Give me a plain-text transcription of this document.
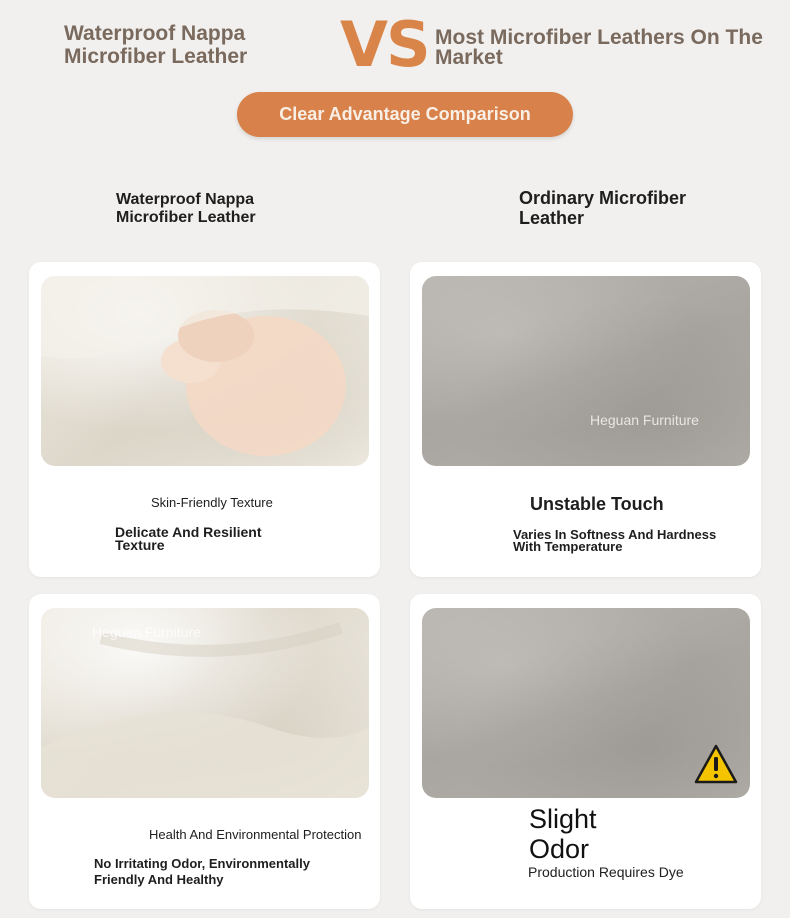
Waterproof Nappa Microfiber Leather	VS Most Microfiber Leathers On The Market
Clear Advantage Comparison
Waterproof Nappa Microfiber Leather
Ordinary Microfiber Leather
Skin-Friendly Texture
Delicate And Resilient Texture
Heguan Furniture
Unstable Touch
Varies In Softness And Hardness With Temperature
Heguan Furniture
Health And Environmental Protection
No Irritating Odor, Environmentally Friendly And Healthy
Slight Odor
Production Requires Dye
